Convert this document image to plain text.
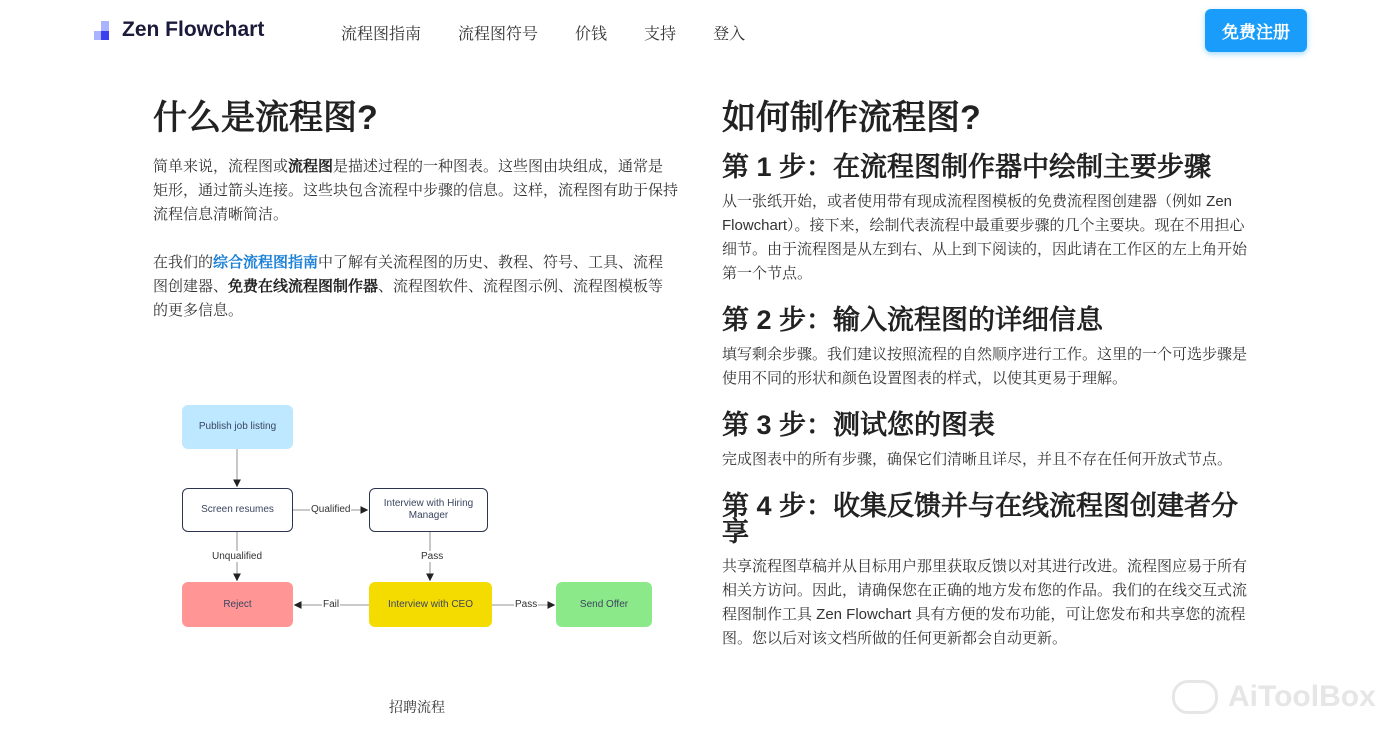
Zen Flowchart	流程图指南 流程图符号 价钱 支持 登入	免费注册
什么是流程图?

简单来说，流程图或流程图是描述过程的一种图表。这些图由块组成，通常是矩形，通过箭头连接。这些块包含流程中步骤的信息。这样，流程图有助于保持流程信息清晰简洁。

在我们的综合流程图指南中了解有关流程图的历史、教程、符号、工具、流程图创建器、免费在线流程图制作器、流程图软件、流程图示例、流程图模板等的更多信息。

Publish job listing
Screen resumes
Interview with Hiring Manager
Reject	Interview with CEO	Send Offer
Qualified
Unqualified	Pass
Fail	Pass
招聘流程
如何制作流程图?
第 1 步：在流程图制作器中绘制主要步骤

从一张纸开始，或者使用带有现成流程图模板的免费流程图创建器（例如 Zen Flowchart）。接下来，绘制代表流程中最重要步骤的几个主要块。现在不用担心细节。由于流程图是从左到右、从上到下阅读的，因此请在工作区的左上角开始第一个节点。

第 2 步：输入流程图的详细信息

填写剩余步骤。我们建议按照流程的自然顺序进行工作。这里的一个可选步骤是使用不同的形状和颜色设置图表的样式，以使其更易于理解。

第 3 步：测试您的图表

完成图表中的所有步骤，确保它们清晰且详尽，并且不存在任何开放式节点。

第 4 步：收集反馈并与在线流程图创建者分享

共享流程图草稿并从目标用户那里获取反馈以对其进行改进。流程图应易于所有相关方访问。因此，请确保您在正确的地方发布您的作品。我们的在线交互式流程图制作工具 Zen Flowchart 具有方便的发布功能，可让您发布和共享您的流程图。您以后对该文档所做的任何更新都会自动更新。

AiToolBox
